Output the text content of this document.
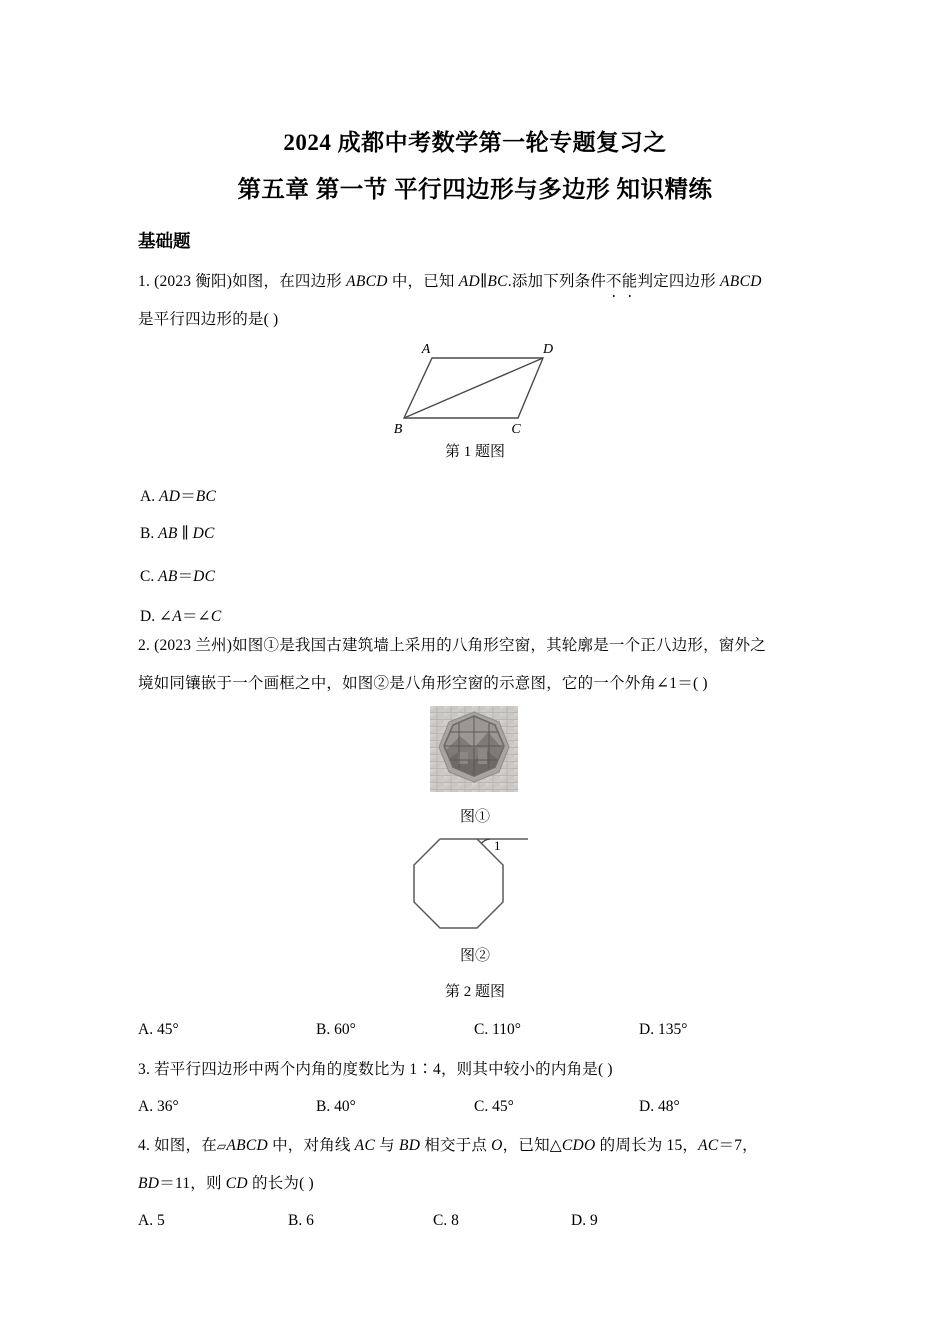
2024 成都中考数学第一轮专题复习之
第五章 第一节 平行四边形与多边形 知识精练
基础题
1. (2023 衡阳)如图，在四边形 ABCD 中，已知 AD∥BC.添加下列条件不能判定四边形 ABCD
是平行四边形的是( )
A	D
B	C
第 1 题图
A. AD＝BC
B. AB ∥ DC
C. AB＝DC
D. ∠A＝∠C
2. (2023 兰州)如图①是我国古建筑墙上采用的八角形空窗，其轮廓是一个正八边形，窗外之
境如同镶嵌于一个画框之中，如图②是八角形空窗的示意图，它的一个外角∠1＝( )
图①
1
图②
第 2 题图
A. 45°	B. 60°	C. 110°	D. 135°
3. 若平行四边形中两个内角的度数比为 1∶4，则其中较小的内角是( )
A. 36°	B. 40°	C. 45°	D. 48°
4. 如图，在▱ABCD 中，对角线 AC 与 BD 相交于点 O，已知△CDO 的周长为 15，AC＝7，
BD＝11，则 CD 的长为( )
A. 5	B. 6	C. 8	D. 9
